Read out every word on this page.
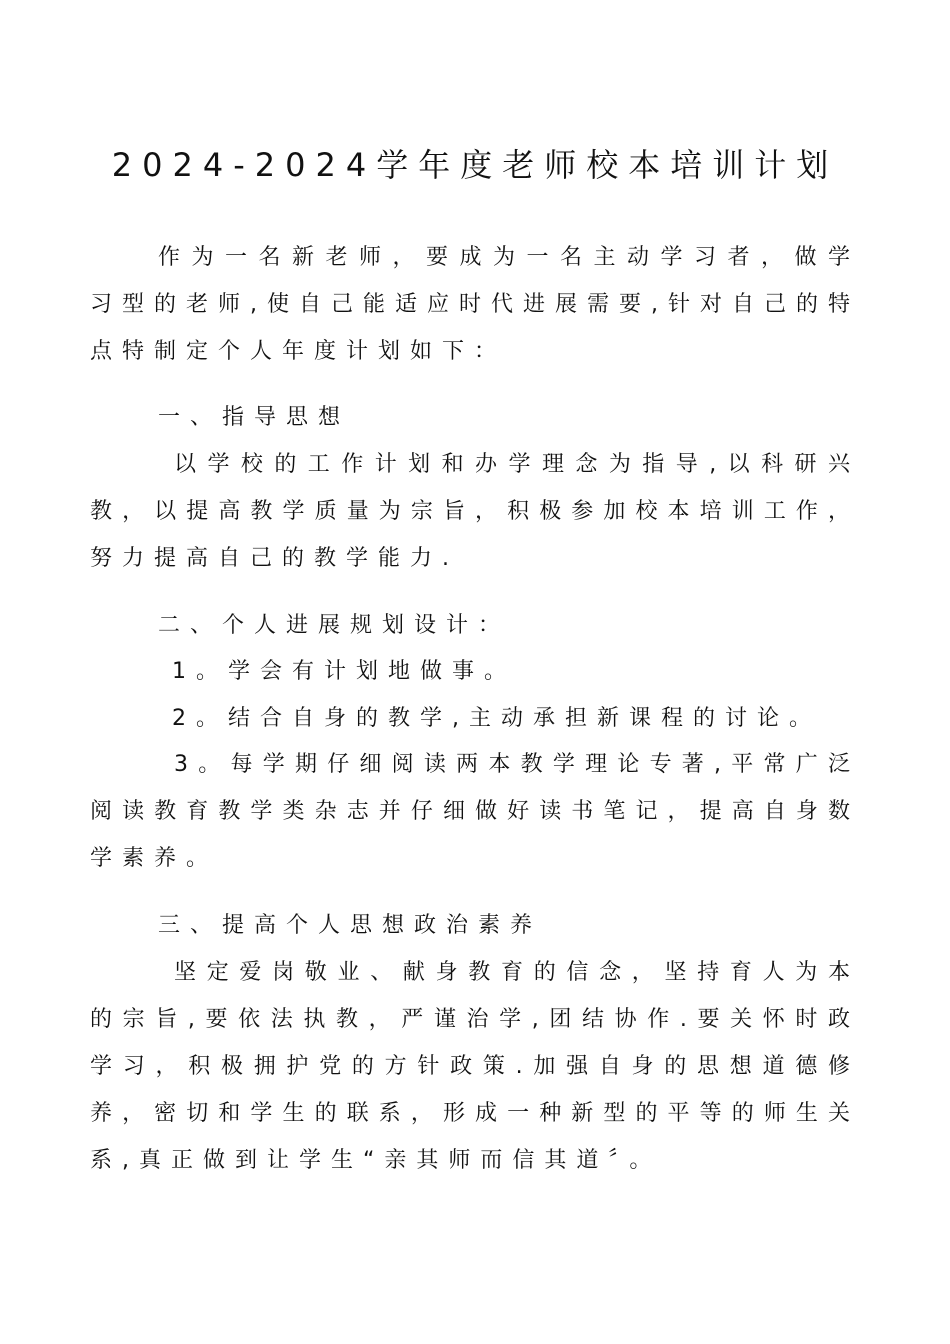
2024-2024学年度老师校本培训计划
作为一名新老师，要成为一名主动学习者，做学习型的老师,使自己能适应时代进展需要,针对自己的特点特制定个人年度计划如下：
一、指导思想
以学校的工作计划和办学理念为指导,以科研兴教，以提高教学质量为宗旨，积极参加校本培训工作，努力提高自己的教学能力.
二、个人进展规划设计：
1。学会有计划地做事。
2。结合自身的教学,主动承担新课程的讨论。
3。每学期仔细阅读两本教学理论专著,平常广泛阅读教育教学类杂志并仔细做好读书笔记，提高自身数学素养。
三、提高个人思想政治素养
坚定爱岗敬业、献身教育的信念，坚持育人为本的宗旨,要依法执教，严谨治学,团结协作.要关怀时政学习，积极拥护党的方针政策.加强自身的思想道德修养，密切和学生的联系，形成一种新型的平等的师生关系,真正做到让学生“亲其师而信其道〞。
